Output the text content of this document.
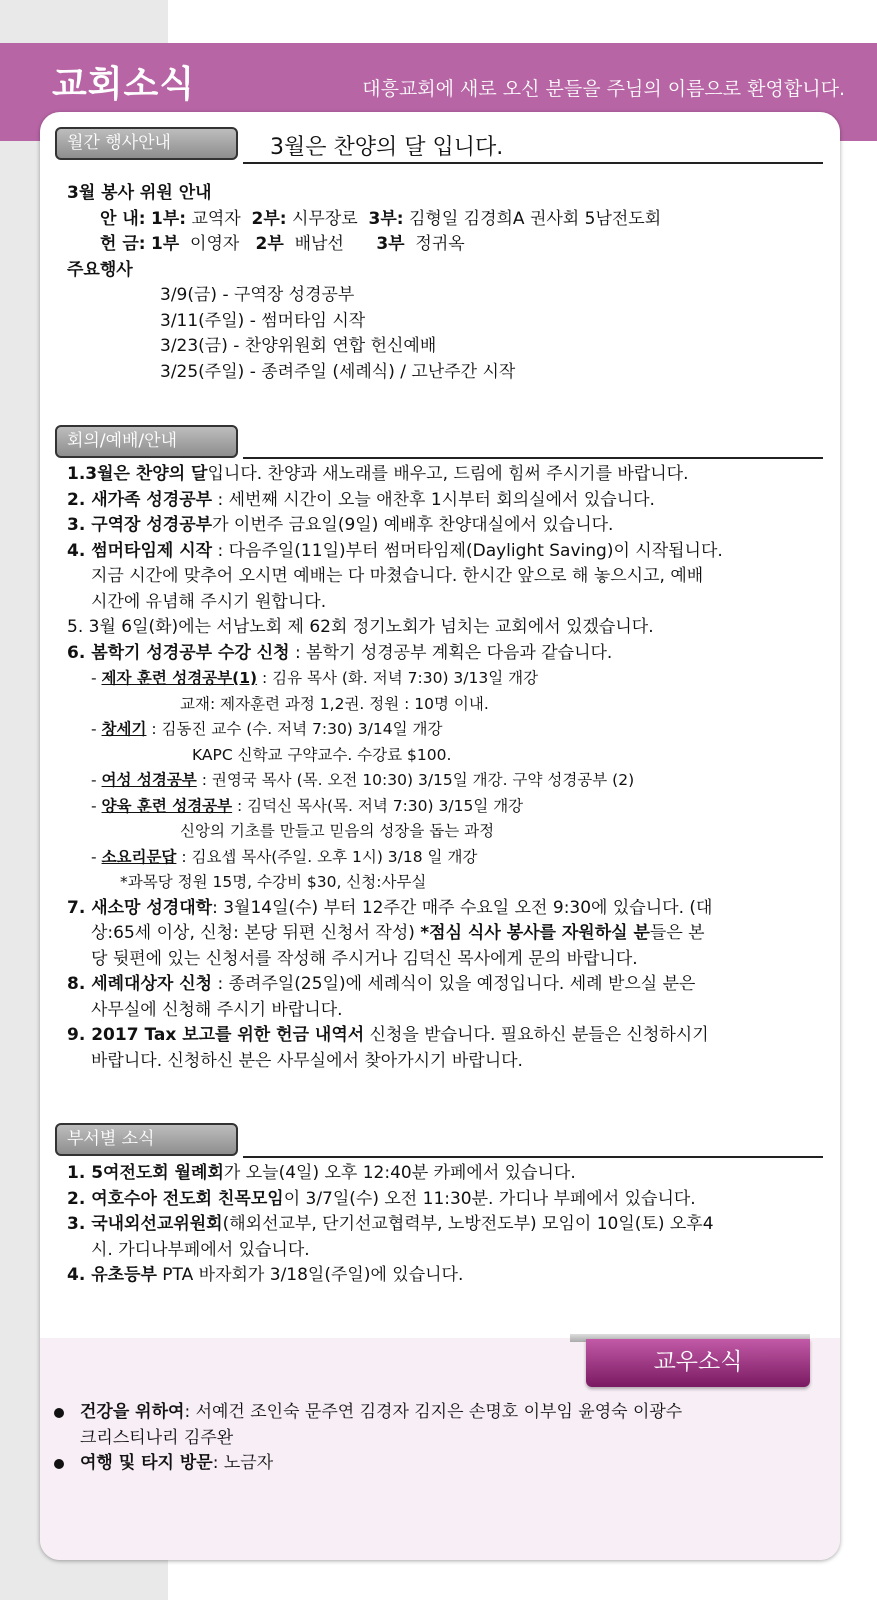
교회소식	대흥교회에 새로 오신 분들을 주님의 이름으로 환영합니다.
월간 행사안내	3월은 찬양의 달 입니다.
3월 봉사 위원 안내
안 내: 1부: 교역자 2부: 시무장로 3부: 김형일 김경희A 권사회 5남전도회
헌 금: 1부 이영자 2부 배남선 3부 정귀옥
주요행사
3/9(금) - 구역장 성경공부
3/11(주일) - 썸머타임 시작
3/23(금) - 찬양위원회 연합 헌신예배
3/25(주일) - 종려주일 (세례식) / 고난주간 시작
회의/예배/안내
1.3월은 찬양의 달입니다. 찬양과 새노래를 배우고, 드림에 힘써 주시기를 바랍니다.
2. 새가족 성경공부 : 세번째 시간이 오늘 애찬후 1시부터 회의실에서 있습니다.
3. 구역장 성경공부가 이번주 금요일(9일) 예배후 찬양대실에서 있습니다.
4. 썸머타임제 시작 : 다음주일(11일)부터 썸머타임제(Daylight Saving)이 시작됩니다.
지금 시간에 맞추어 오시면 예배는 다 마쳤습니다. 한시간 앞으로 해 놓으시고, 예배
시간에 유념해 주시기 원합니다.
5. 3월 6일(화)에는 서남노회 제 62회 정기노회가 넘치는 교회에서 있겠습니다.
6. 봄학기 성경공부 수강 신청 : 봄학기 성경공부 계획은 다음과 같습니다.
- 제자 훈련 성경공부(1) : 김유 목사 (화. 저녁 7:30) 3/13일 개강
교재: 제자훈련 과정 1,2권. 정원 : 10명 이내.
- 창세기 : 김동진 교수 (수. 저녁 7:30) 3/14일 개강
KAPC 신학교 구약교수. 수강료 $100.
- 여성 성경공부 : 권영국 목사 (목. 오전 10:30) 3/15일 개강. 구약 성경공부 (2)
- 양육 훈련 성경공부 : 김덕신 목사(목. 저녁 7:30) 3/15일 개강
신앙의 기초를 만들고 믿음의 성장을 돕는 과정
- 소요리문답 : 김요셉 목사(주일. 오후 1시) 3/18 일 개강
*과목당 정원 15명, 수강비 $30, 신청:사무실
7. 새소망 성경대학: 3월14일(수) 부터 12주간 매주 수요일 오전 9:30에 있습니다. (대
상:65세 이상, 신청: 본당 뒤편 신청서 작성) *점심 식사 봉사를 자원하실 분들은 본
당 뒷편에 있는 신청서를 작성해 주시거나 김덕신 목사에게 문의 바랍니다.
8. 세례대상자 신청 : 종려주일(25일)에 세례식이 있을 예정입니다. 세례 받으실 분은
사무실에 신청해 주시기 바랍니다.
9. 2017 Tax 보고를 위한 헌금 내역서 신청을 받습니다. 필요하신 분들은 신청하시기
바랍니다. 신청하신 분은 사무실에서 찾아가시기 바랍니다.
부서별 소식
1. 5여전도회 월례회가 오늘(4일) 오후 12:40분 카페에서 있습니다.
2. 여호수아 전도회 친목모임이 3/7일(수) 오전 11:30분. 가디나 부페에서 있습니다.
3. 국내외선교위원회(해외선교부, 단기선교협력부, 노방전도부) 모임이 10일(토) 오후4
시. 가디나부페에서 있습니다.
4. 유초등부 PTA 바자회가 3/18일(주일)에 있습니다.
교우소식
건강을 위하여: 서예건 조인숙 문주연 김경자 김지은 손명호 이부임 윤영숙 이광수
크리스티나리 김주완
여행 및 타지 방문: 노금자
